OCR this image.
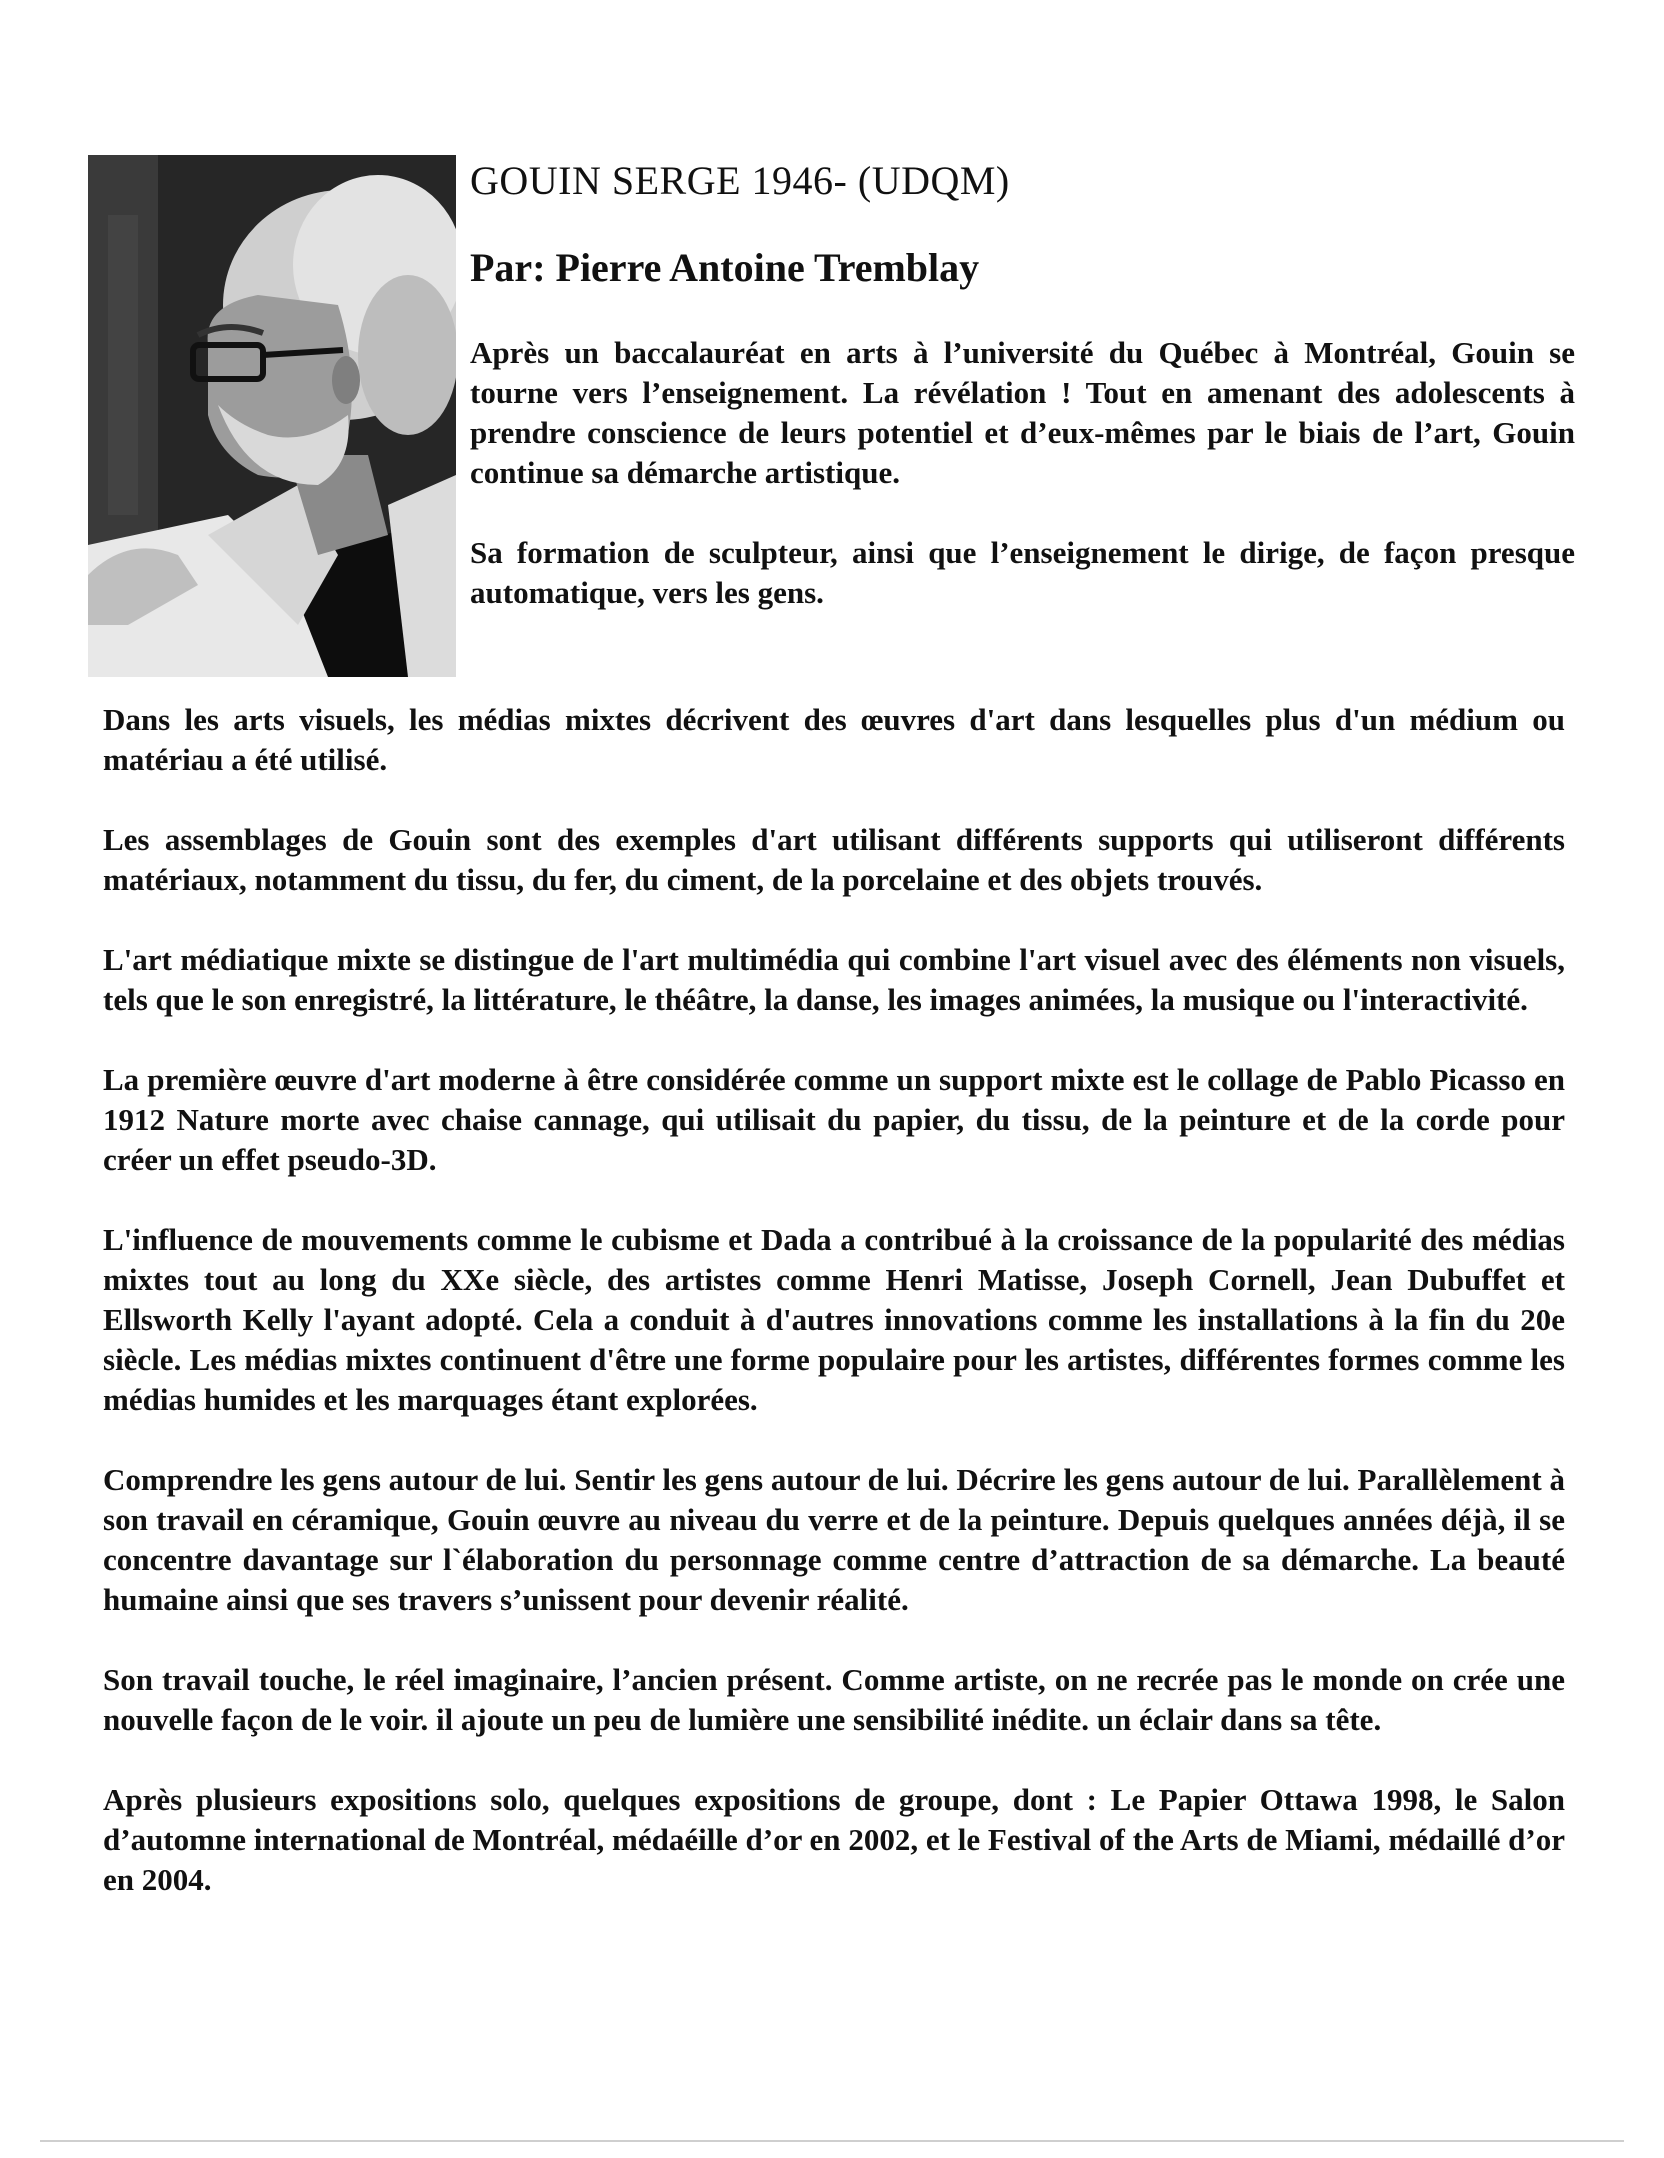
GOUIN SERGE 1946- (UDQM)
Par: Pierre Antoine Tremblay

Après un baccalauréat en arts à l’université du Québec à Montréal, Gouin se tourne vers l’enseignement. La révélation ! Tout en amenant des adolescents à prendre conscience de leurs potentiel et d’eux-mêmes par le biais de l’art, Gouin continue sa démarche artistique.

Sa formation de sculpteur, ainsi que l’enseignement le dirige, de façon presque automatique, vers les gens.

Dans les arts visuels, les médias mixtes décrivent des œuvres d'art dans lesquelles plus d'un médium ou matériau a été utilisé.

Les assemblages de Gouin sont des exemples d'art utilisant différents supports qui utiliseront différents matériaux, notamment du tissu, du fer, du ciment, de la porcelaine et des objets trouvés.

L'art médiatique mixte se distingue de l'art multimédia qui combine l'art visuel avec des éléments non visuels, tels que le son enregistré, la littérature, le théâtre, la danse, les images animées, la musique ou l'interactivité.

La première œuvre d'art moderne à être considérée comme un support mixte est le collage de Pablo Picasso en 1912 Nature morte avec chaise cannage, qui utilisait du papier, du tissu, de la peinture et de la corde pour créer un effet pseudo-3D.

L'influence de mouvements comme le cubisme et Dada a contribué à la croissance de la popularité des médias mixtes tout au long du XXe siècle, des artistes comme Henri Matisse, Joseph Cornell, Jean Dubuffet et Ellsworth Kelly l'ayant adopté. Cela a conduit à d'autres innovations comme les installations à la fin du 20e siècle. Les médias mixtes continuent d'être une forme populaire pour les artistes, différentes formes comme les médias humides et les marquages étant explorées.

Comprendre les gens autour de lui. Sentir les gens autour de lui. Décrire les gens autour de lui. Parallèlement à son travail en céramique, Gouin œuvre au niveau du verre et de la peinture. Depuis quelques années déjà, il se concentre davantage sur l`élaboration du personnage comme centre d’attraction de sa démarche. La beauté humaine ainsi que ses travers s’unissent pour devenir réalité.

Son travail touche, le réel imaginaire, l’ancien présent. Comme artiste, on ne recrée pas le monde on crée une nouvelle façon de le voir. il ajoute un peu de lumière une sensibilité inédite. un éclair dans sa tête.

Après plusieurs expositions solo, quelques expositions de groupe, dont : Le Papier Ottawa 1998, le Salon d’automne international de Montréal, médaéille d’or en 2002, et le Festival of the Arts de Miami, médaillé d’or en 2004.
